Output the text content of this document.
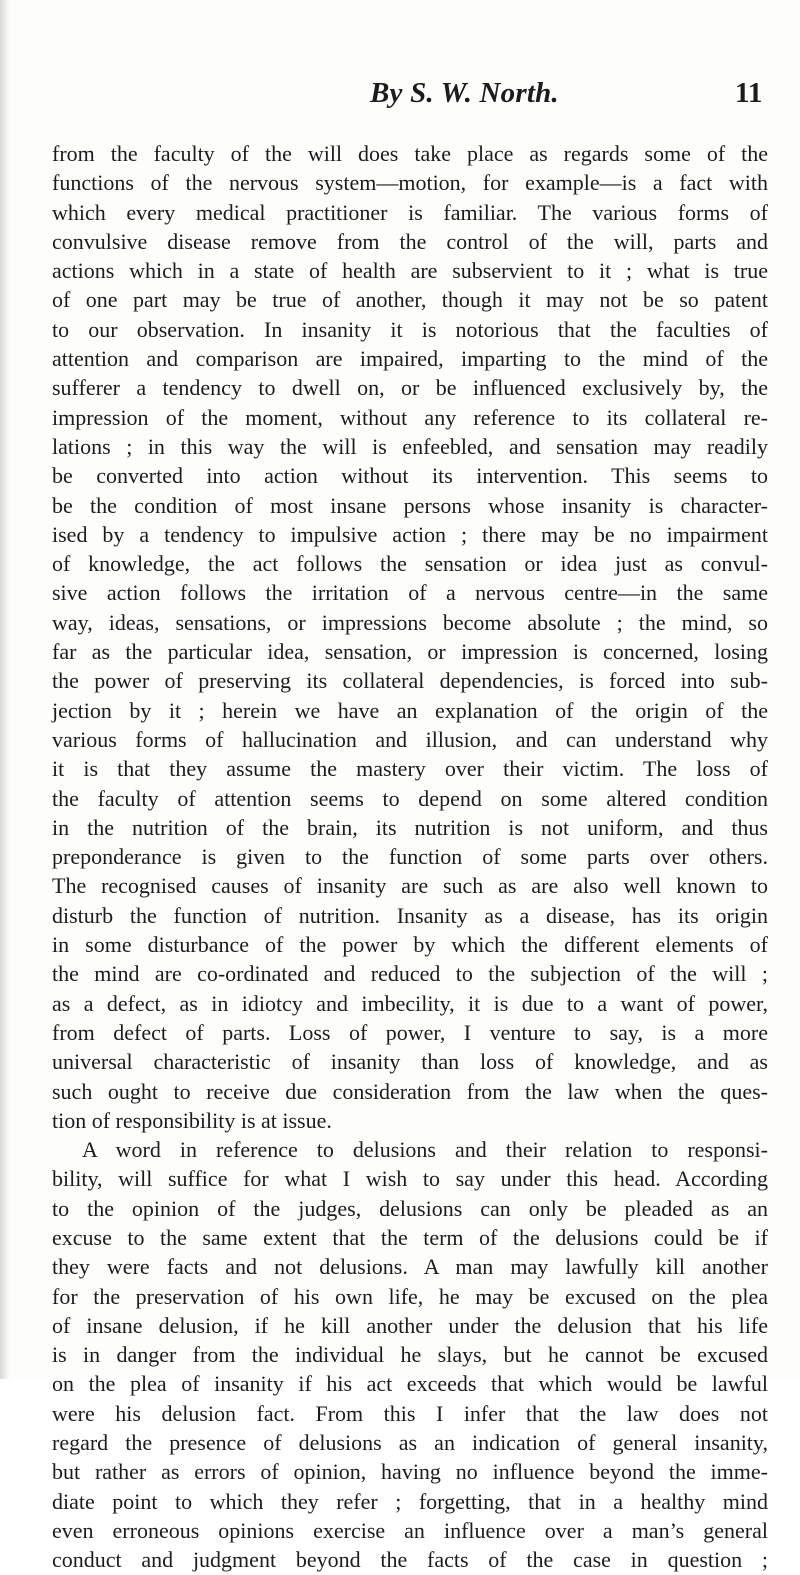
By S. W. North.	11
from the faculty of the will does take place as regards some of the
functions of the nervous system—motion, for example—is a fact with
which every medical practitioner is familiar. The various forms of
convulsive disease remove from the control of the will, parts and
actions which in a state of health are subservient to it ; what is true
of one part may be true of another, though it may not be so patent
to our observation. In insanity it is notorious that the faculties of
attention and comparison are impaired, imparting to the mind of the
sufferer a tendency to dwell on, or be influenced exclusively by, the
impression of the moment, without any reference to its collateral re-
lations ; in this way the will is enfeebled, and sensation may readily
be converted into action without its intervention. This seems to
be the condition of most insane persons whose insanity is character-
ised by a tendency to impulsive action ; there may be no impairment
of knowledge, the act follows the sensation or idea just as convul-
sive action follows the irritation of a nervous centre—in the same
way, ideas, sensations, or impressions become absolute ; the mind, so
far as the particular idea, sensation, or impression is concerned, losing
the power of preserving its collateral dependencies, is forced into sub-
jection by it ; herein we have an explanation of the origin of the
various forms of hallucination and illusion, and can understand why
it is that they assume the mastery over their victim. The loss of
the faculty of attention seems to depend on some altered condition
in the nutrition of the brain, its nutrition is not uniform, and thus
preponderance is given to the function of some parts over others.
The recognised causes of insanity are such as are also well known to
disturb the function of nutrition. Insanity as a disease, has its origin
in some disturbance of the power by which the different elements of
the mind are co-ordinated and reduced to the subjection of the will ;
as a defect, as in idiotcy and imbecility, it is due to a want of power,
from defect of parts. Loss of power, I venture to say, is a more
universal characteristic of insanity than loss of knowledge, and as
such ought to receive due consideration from the law when the ques-
tion of responsibility is at issue.
A word in reference to delusions and their relation to responsi-
bility, will suffice for what I wish to say under this head. According
to the opinion of the judges, delusions can only be pleaded as an
excuse to the same extent that the term of the delusions could be if
they were facts and not delusions. A man may lawfully kill another
for the preservation of his own life, he may be excused on the plea
of insane delusion, if he kill another under the delusion that his life
is in danger from the individual he slays, but he cannot be excused
on the plea of insanity if his act exceeds that which would be lawful
were his delusion fact. From this I infer that the law does not
regard the presence of delusions as an indication of general insanity,
but rather as errors of opinion, having no influence beyond the imme-
diate point to which they refer ; forgetting, that in a healthy mind
even erroneous opinions exercise an influence over a man’s general
conduct and judgment beyond the facts of the case in question ;
